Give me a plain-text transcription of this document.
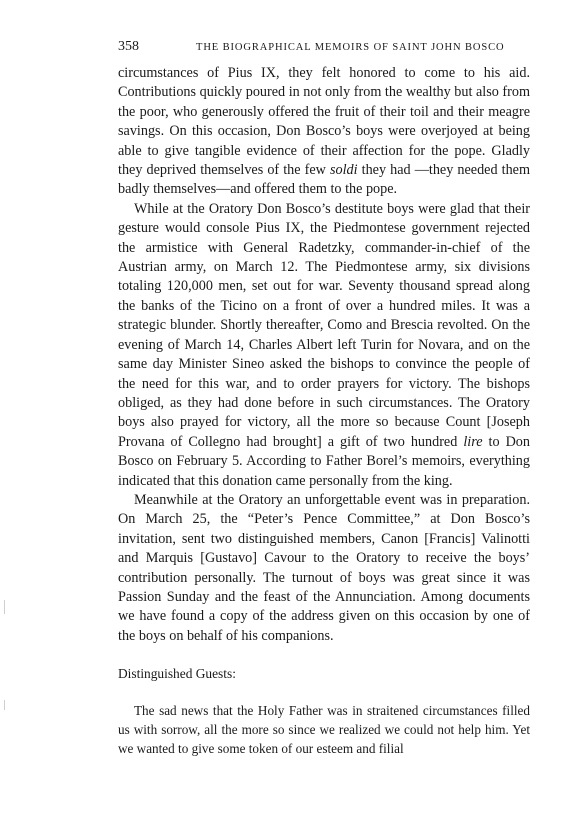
358	THE BIOGRAPHICAL MEMOIRS OF SAINT JOHN BOSCO

circumstances of Pius IX, they felt honored to come to his aid. Contributions quickly poured in not only from the wealthy but also from the poor, who generously offered the fruit of their toil and their meagre savings. On this occasion, Don Bosco’s boys were overjoyed at being able to give tangible evidence of their affection for the pope. Gladly they deprived themselves of the few soldi they had —they needed them badly themselves—and offered them to the pope.

While at the Oratory Don Bosco’s destitute boys were glad that their gesture would console Pius IX, the Piedmontese government rejected the armistice with General Radetzky, commander-in-chief of the Austrian army, on March 12. The Piedmontese army, six divisions totaling 120,000 men, set out for war. Seventy thousand spread along the banks of the Ticino on a front of over a hundred miles. It was a strategic blunder. Shortly thereafter, Como and Brescia revolted. On the evening of March 14, Charles Albert left Turin for Novara, and on the same day Minister Sineo asked the bishops to convince the people of the need for this war, and to order prayers for victory. The bishops obliged, as they had done before in such circumstances. The Oratory boys also prayed for victory, all the more so because Count [Joseph Provana of Collegno had brought] a gift of two hundred lire to Don Bosco on February 5. According to Father Borel’s memoirs, everything indicated that this donation came personally from the king.

Meanwhile at the Oratory an unforgettable event was in preparation. On March 25, the “Peter’s Pence Committee,” at Don Bosco’s invitation, sent two distinguished members, Canon [Francis] Valinotti and Marquis [Gustavo] Cavour to the Oratory to receive the boys’ contribution personally. The turnout of boys was great since it was Passion Sunday and the feast of the Annunciation. Among documents we have found a copy of the address given on this occasion by one of the boys on behalf of his companions.

Distinguished Guests:

The sad news that the Holy Father was in straitened circumstances filled us with sorrow, all the more so since we realized we could not help him. Yet we wanted to give some token of our esteem and filial
